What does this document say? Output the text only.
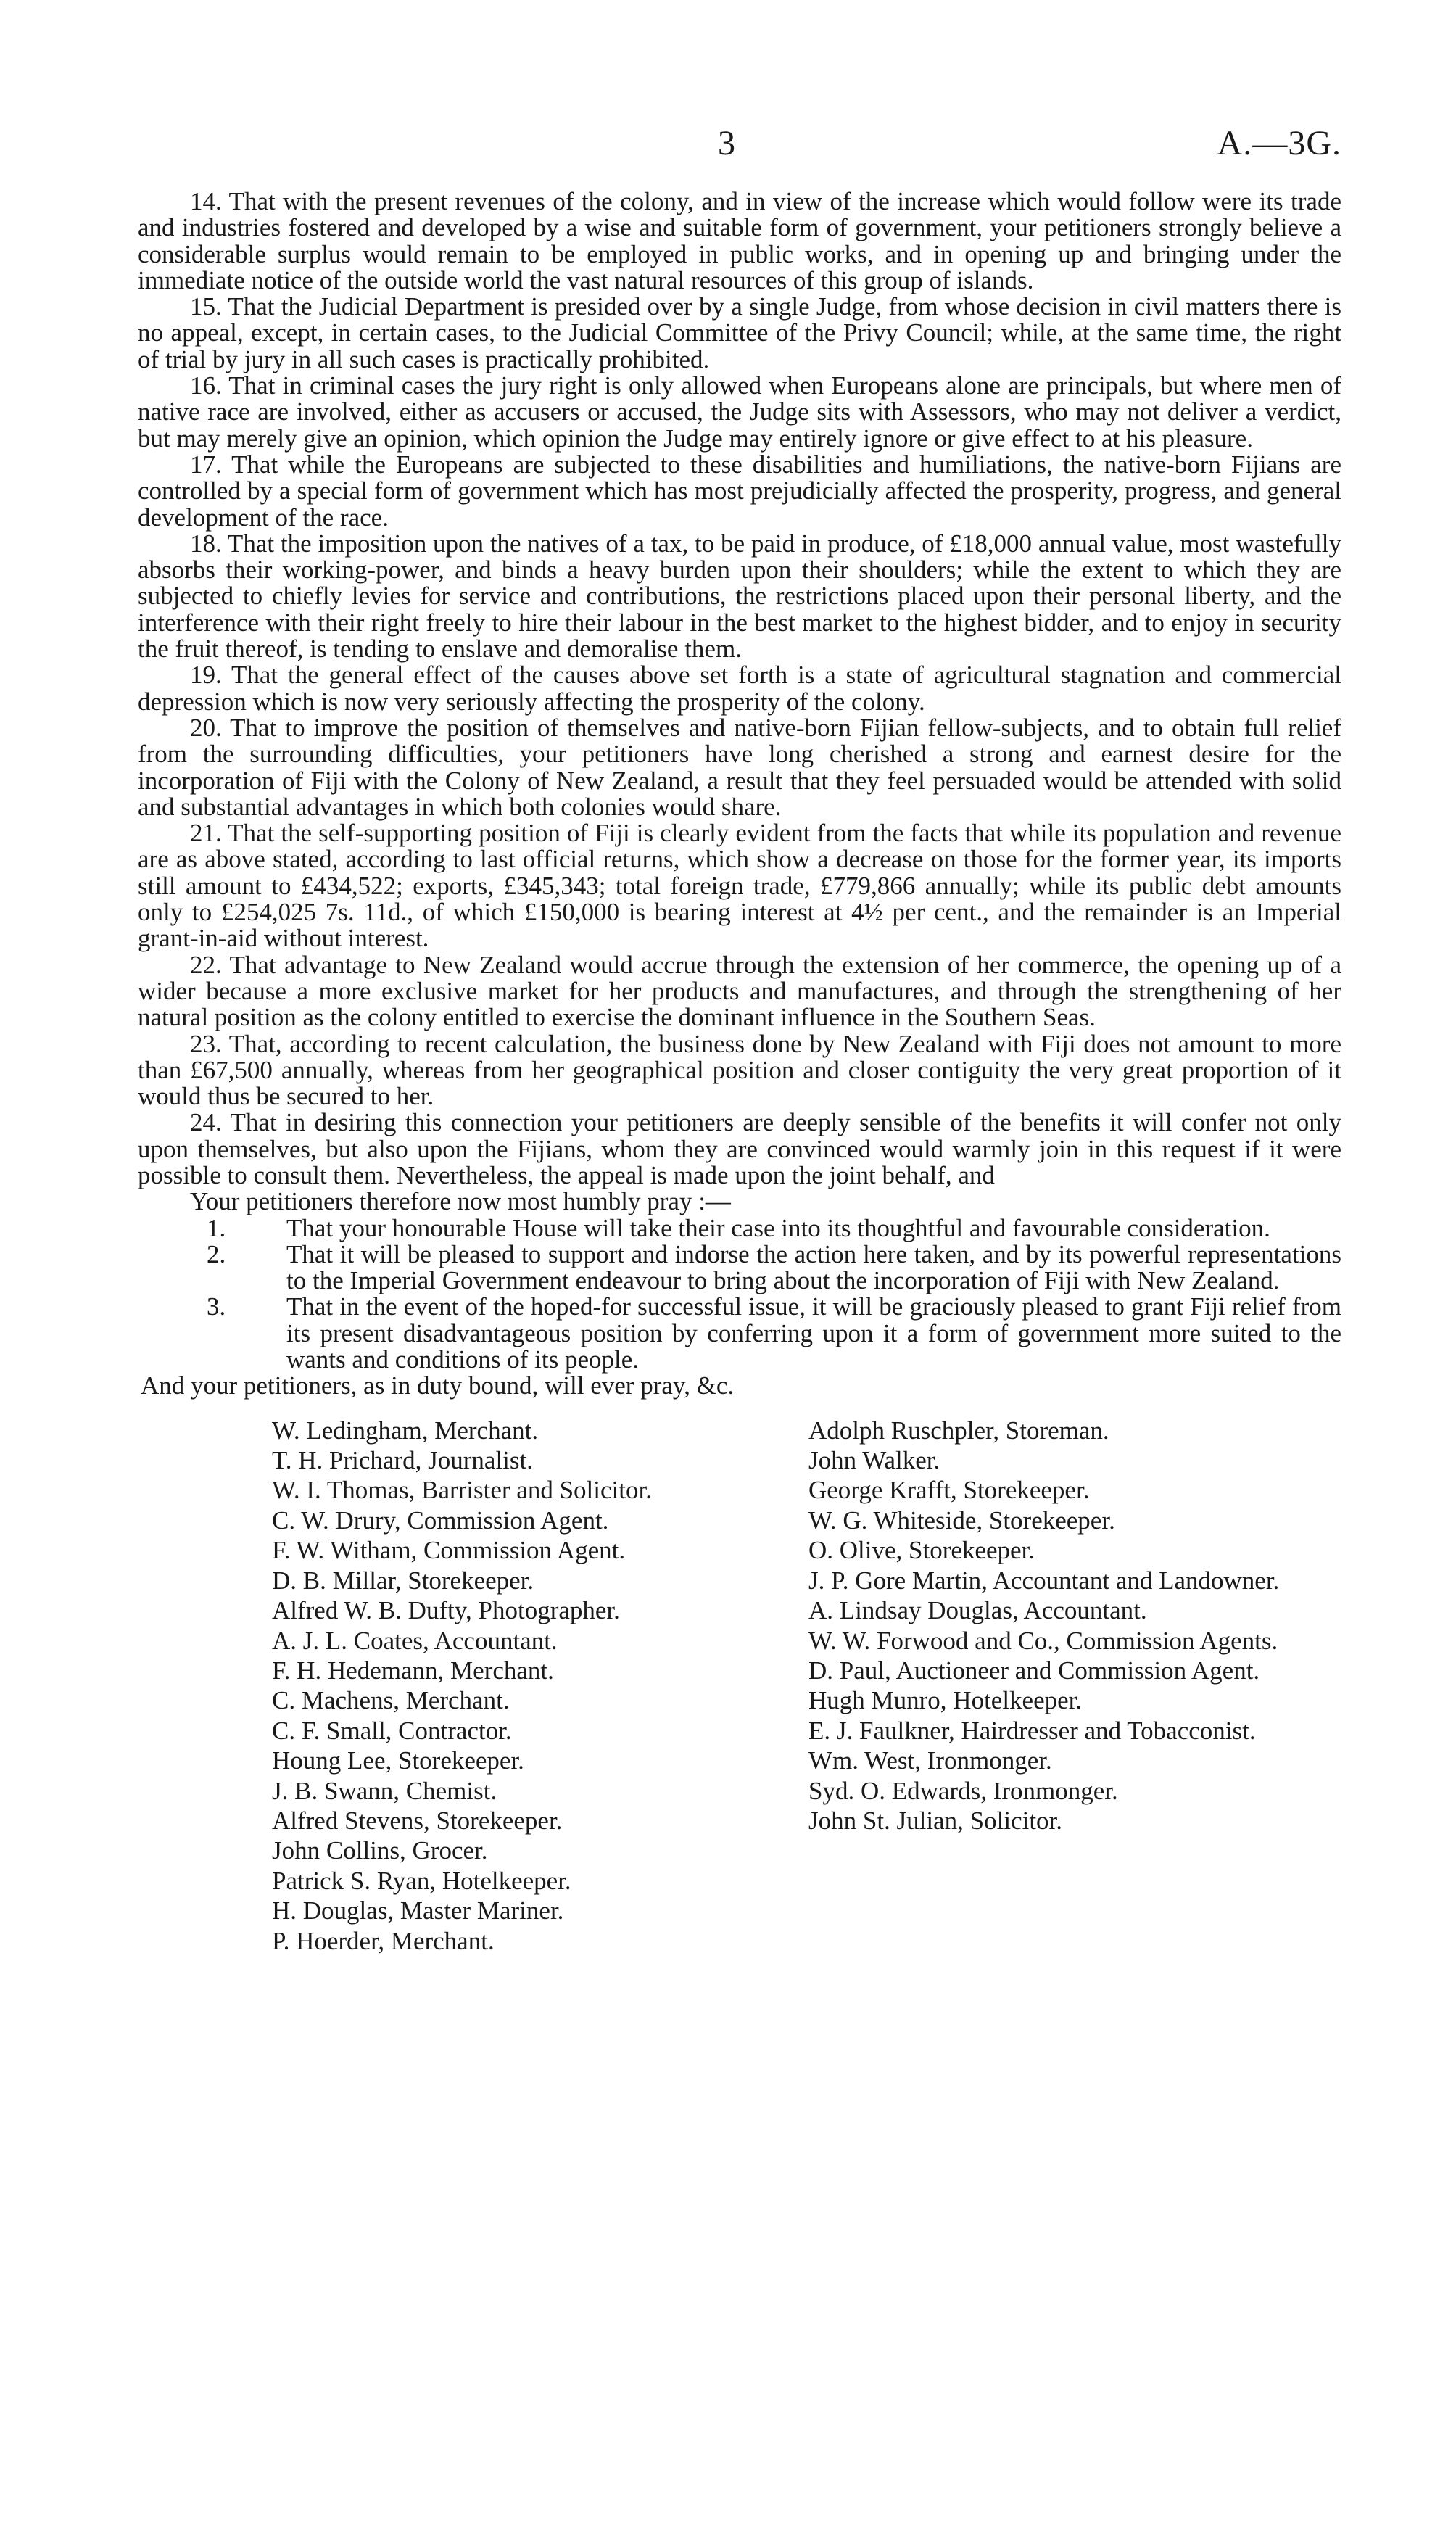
3	A.—3G.

14. That with the present revenues of the colony, and in view of the increase which would follow were its trade and industries fostered and developed by a wise and suitable form of government, your petitioners strongly believe a considerable surplus would remain to be employed in public works, and in opening up and bringing under the immediate notice of the outside world the vast natural resources of this group of islands.

15. That the Judicial Department is presided over by a single Judge, from whose decision in civil matters there is no appeal, except, in certain cases, to the Judicial Committee of the Privy Council; while, at the same time, the right of trial by jury in all such cases is practically prohibited.

16. That in criminal cases the jury right is only allowed when Europeans alone are principals, but where men of native race are involved, either as accusers or accused, the Judge sits with Assessors, who may not deliver a verdict, but may merely give an opinion, which opinion the Judge may entirely ignore or give effect to at his pleasure.

17. That while the Europeans are subjected to these disabilities and humiliations, the native-born Fijians are controlled by a special form of government which has most prejudicially affected the prosperity, progress, and general development of the race.

18. That the imposition upon the natives of a tax, to be paid in produce, of £18,000 annual value, most wastefully absorbs their working-power, and binds a heavy burden upon their shoulders; while the extent to which they are subjected to chiefly levies for service and contributions, the restrictions placed upon their personal liberty, and the interference with their right freely to hire their labour in the best market to the highest bidder, and to enjoy in security the fruit thereof, is tending to enslave and demoralise them.

19. That the general effect of the causes above set forth is a state of agricultural stagnation and commercial depression which is now very seriously affecting the prosperity of the colony.

20. That to improve the position of themselves and native-born Fijian fellow-subjects, and to obtain full relief from the surrounding difficulties, your petitioners have long cherished a strong and earnest desire for the incorporation of Fiji with the Colony of New Zealand, a result that they feel persuaded would be attended with solid and substantial advantages in which both colonies would share.

21. That the self-supporting position of Fiji is clearly evident from the facts that while its population and revenue are as above stated, according to last official returns, which show a decrease on those for the former year, its imports still amount to £434,522; exports, £345,343; total foreign trade, £779,866 annually; while its public debt amounts only to £254,025 7s. 11d., of which £150,000 is bearing interest at 4½ per cent., and the remainder is an Imperial grant-in-aid without interest.

22. That advantage to New Zealand would accrue through the extension of her commerce, the opening up of a wider because a more exclusive market for her products and manufactures, and through the strengthening of her natural position as the colony entitled to exercise the dominant influence in the Southern Seas.

23. That, according to recent calculation, the business done by New Zealand with Fiji does not amount to more than £67,500 annually, whereas from her geographical position and closer contiguity the very great proportion of it would thus be secured to her.

24. That in desiring this connection your petitioners are deeply sensible of the benefits it will confer not only upon themselves, but also upon the Fijians, whom they are convinced would warmly join in this request if it were possible to consult them. Nevertheless, the appeal is made upon the joint behalf, and

Your petitioners therefore now most humbly pray :—

1. That your honourable House will take their case into its thoughtful and favourable consideration.
2. That it will be pleased to support and indorse the action here taken, and by its powerful representations to the Imperial Government endeavour to bring about the incorporation of Fiji with New Zealand.
3. That in the event of the hoped-for successful issue, it will be graciously pleased to grant Fiji relief from its present disadvantageous position by conferring upon it a form of government more suited to the wants and conditions of its people.

And your petitioners, as in duty bound, will ever pray, &c.

W. Ledingham, Merchant.
T. H. Prichard, Journalist.
W. I. Thomas, Barrister and Solicitor.
C. W. Drury, Commission Agent.
F. W. Witham, Commission Agent.
D. B. Millar, Storekeeper.
Alfred W. B. Dufty, Photographer.
A. J. L. Coates, Accountant.
F. H. Hedemann, Merchant.
C. Machens, Merchant.
C. F. Small, Contractor.
Houng Lee, Storekeeper.
J. B. Swann, Chemist.
Alfred Stevens, Storekeeper.
John Collins, Grocer.
Patrick S. Ryan, Hotelkeeper.
H. Douglas, Master Mariner.
P. Hoerder, Merchant.
Adolph Ruschpler, Storeman.
John Walker.
George Krafft, Storekeeper.
W. G. Whiteside, Storekeeper.
O. Olive, Storekeeper.
J. P. Gore Martin, Accountant and Landowner.
A. Lindsay Douglas, Accountant.
W. W. Forwood and Co., Commission Agents.
D. Paul, Auctioneer and Commission Agent.
Hugh Munro, Hotelkeeper.
E. J. Faulkner, Hairdresser and Tobacconist.
Wm. West, Ironmonger.
Syd. O. Edwards, Ironmonger.
John St. Julian, Solicitor.
